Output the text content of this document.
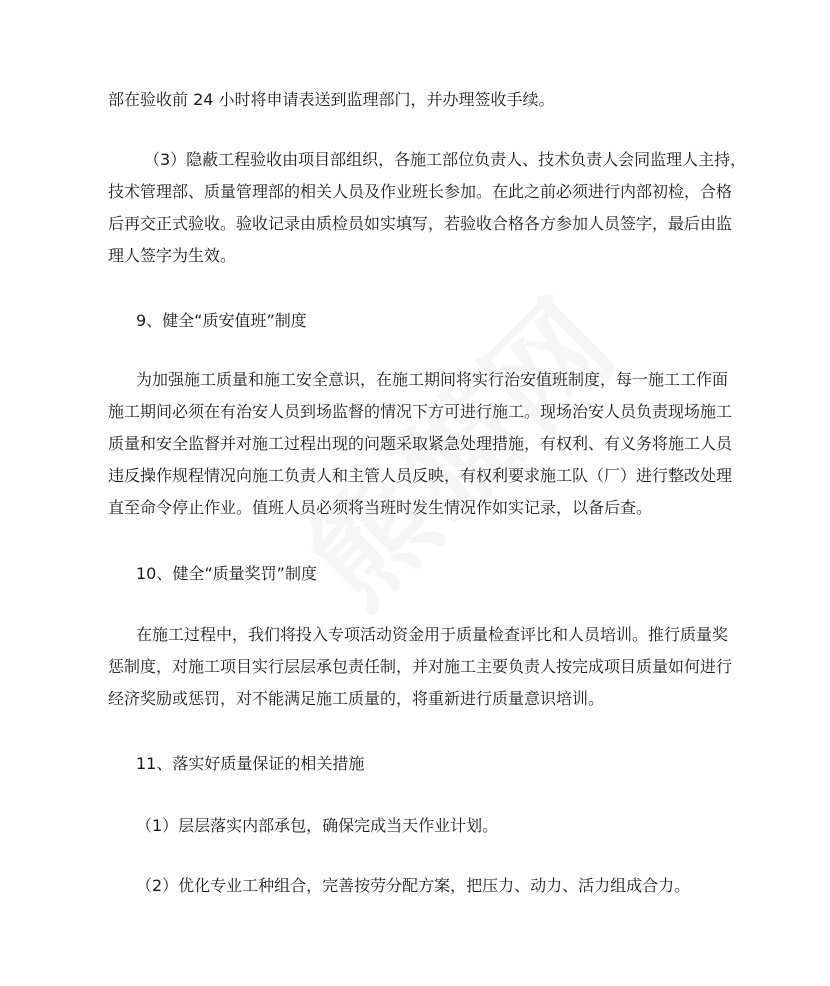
部在验收前 24 小时将申请表送到监理部门，并办理签收手续。

（3）隐蔽工程验收由项目部组织，各施工部位负责人、技术负责人会同监理人主持，
技术管理部、质量管理部的相关人员及作业班长参加。在此之前必须进行内部初检，合格
后再交正式验收。验收记录由质检员如实填写，若验收合格各方参加人员签字，最后由监
理人签字为生效。

9、健全“质安值班”制度

为加强施工质量和施工安全意识，在施工期间将实行治安值班制度，每一施工工作面
施工期间必须在有治安人员到场监督的情况下方可进行施工。现场治安人员负责现场施工
质量和安全监督并对施工过程出现的问题采取紧急处理措施，有权利、有义务将施工人员
违反操作规程情况向施工负责人和主管人员反映，有权利要求施工队（厂）进行整改处理
直至命令停止作业。值班人员必须将当班时发生情况作如实记录，以备后查。

10、健全“质量奖罚”制度

在施工过程中，我们将投入专项活动资金用于质量检查评比和人员培训。推行质量奖
惩制度，对施工项目实行层层承包责任制，并对施工主要负责人按完成项目质量如何进行
经济奖励或惩罚，对不能满足施工质量的，将重新进行质量意识培训。

11、落实好质量保证的相关措施

（1）层层落实内部承包，确保完成当天作业计划。

（2）优化专业工种组合，完善按劳分配方案，把压力、动力、活力组成合力。
